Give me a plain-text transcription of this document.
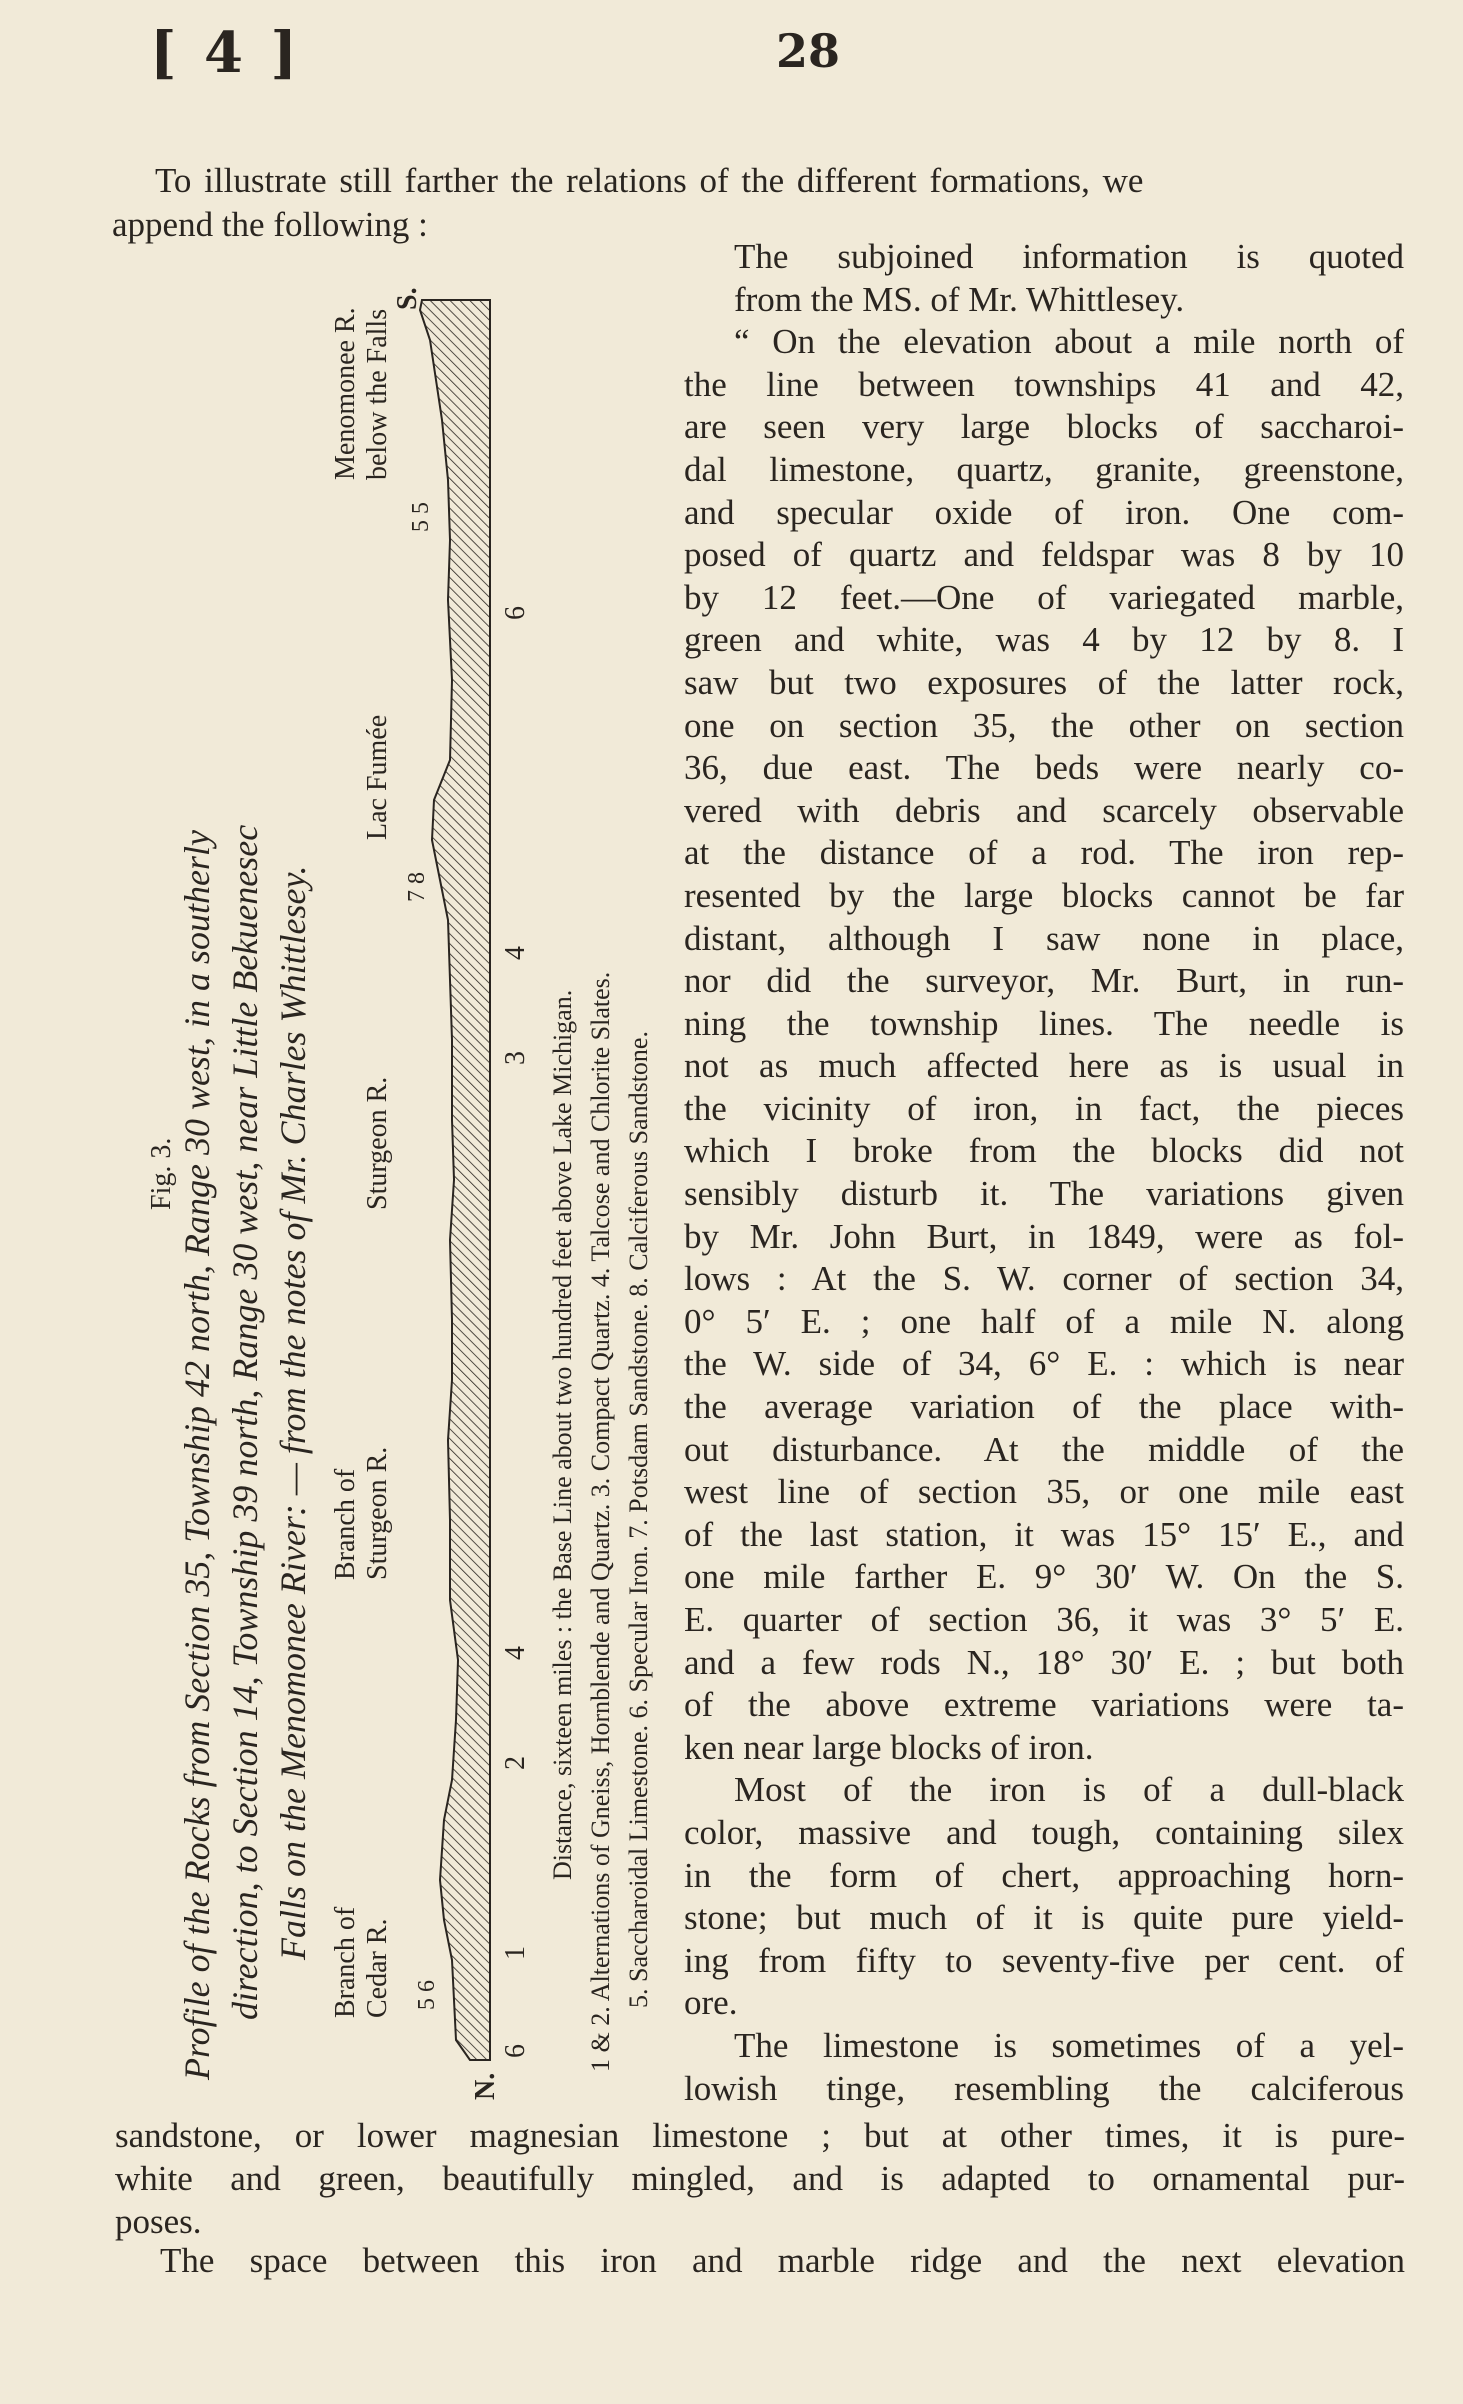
[ 4 ]	28
To illustrate still farther the relations of the different formations, we
append the following :
Fig. 3. Profile of the Rocks from Section 35, Township 42 north, Range 30 west, in a southerly direction, to Section 14, Township 39 north, Range 30 west, near Little Bekuenesec Falls on the Menomonee River: — from the notes of Mr. Charles Whittlesey.
Branch of Cedar R.
Branch of Sturgeon R.
Sturgeon R.
Lac Fumée
Menomonee R. below the Falls
N.
S.
5 6
7 8
5 5
6
1
2
4
3
4
6
Distance, sixteen miles : the Base Line about two hundred feet above Lake Michigan. 1 & 2. Alternations of Gneiss, Hornblende and Quartz. 3. Compact Quartz. 4. Talcose and Chlorite Slates. 5. Saccharoidal Limestone. 6. Specular Iron. 7. Potsdam Sandstone. 8. Calciferous Sandstone.

The subjoined information is quoted
from the MS. of Mr. Whittlesey.

“ On the elevation about a mile north of
the line between townships 41 and 42,
are seen very large blocks of saccharoi-
dal limestone, quartz, granite, greenstone,
and specular oxide of iron. One com-
posed of quartz and feldspar was 8 by 10
by 12 feet.—One of variegated marble,
green and white, was 4 by 12 by 8. I
saw but two exposures of the latter rock,
one on section 35, the other on section
36, due east. The beds were nearly co-
vered with debris and scarcely observable
at the distance of a rod. The iron rep-
resented by the large blocks cannot be far
distant, although I saw none in place,
nor did the surveyor, Mr. Burt, in run-
ning the township lines. The needle is
not as much affected here as is usual in
the vicinity of iron, in fact, the pieces
which I broke from the blocks did not
sensibly disturb it. The variations given
by Mr. John Burt, in 1849, were as fol-
lows : At the S. W. corner of section 34,
0° 5′ E. ; one half of a mile N. along
the W. side of 34, 6° E. : which is near
the average variation of the place with-
out disturbance. At the middle of the
west line of section 35, or one mile east
of the last station, it was 15° 15′ E., and
one mile farther E. 9° 30′ W. On the S.
E. quarter of section 36, it was 3° 5′ E.
and a few rods N., 18° 30′ E. ; but both
of the above extreme variations were ta-
ken near large blocks of iron.

Most of the iron is of a dull-black
color, massive and tough, containing silex
in the form of chert, approaching horn-
stone; but much of it is quite pure yield-
ing from fifty to seventy-five per cent. of
ore.
The limestone is sometimes of a yel-
lowish tinge, resembling the calciferous

sandstone, or lower magnesian limestone ; but at other times, it is pure-
white and green, beautifully mingled, and is adapted to ornamental pur-
poses.
The space between this iron and marble ridge and the next elevation
